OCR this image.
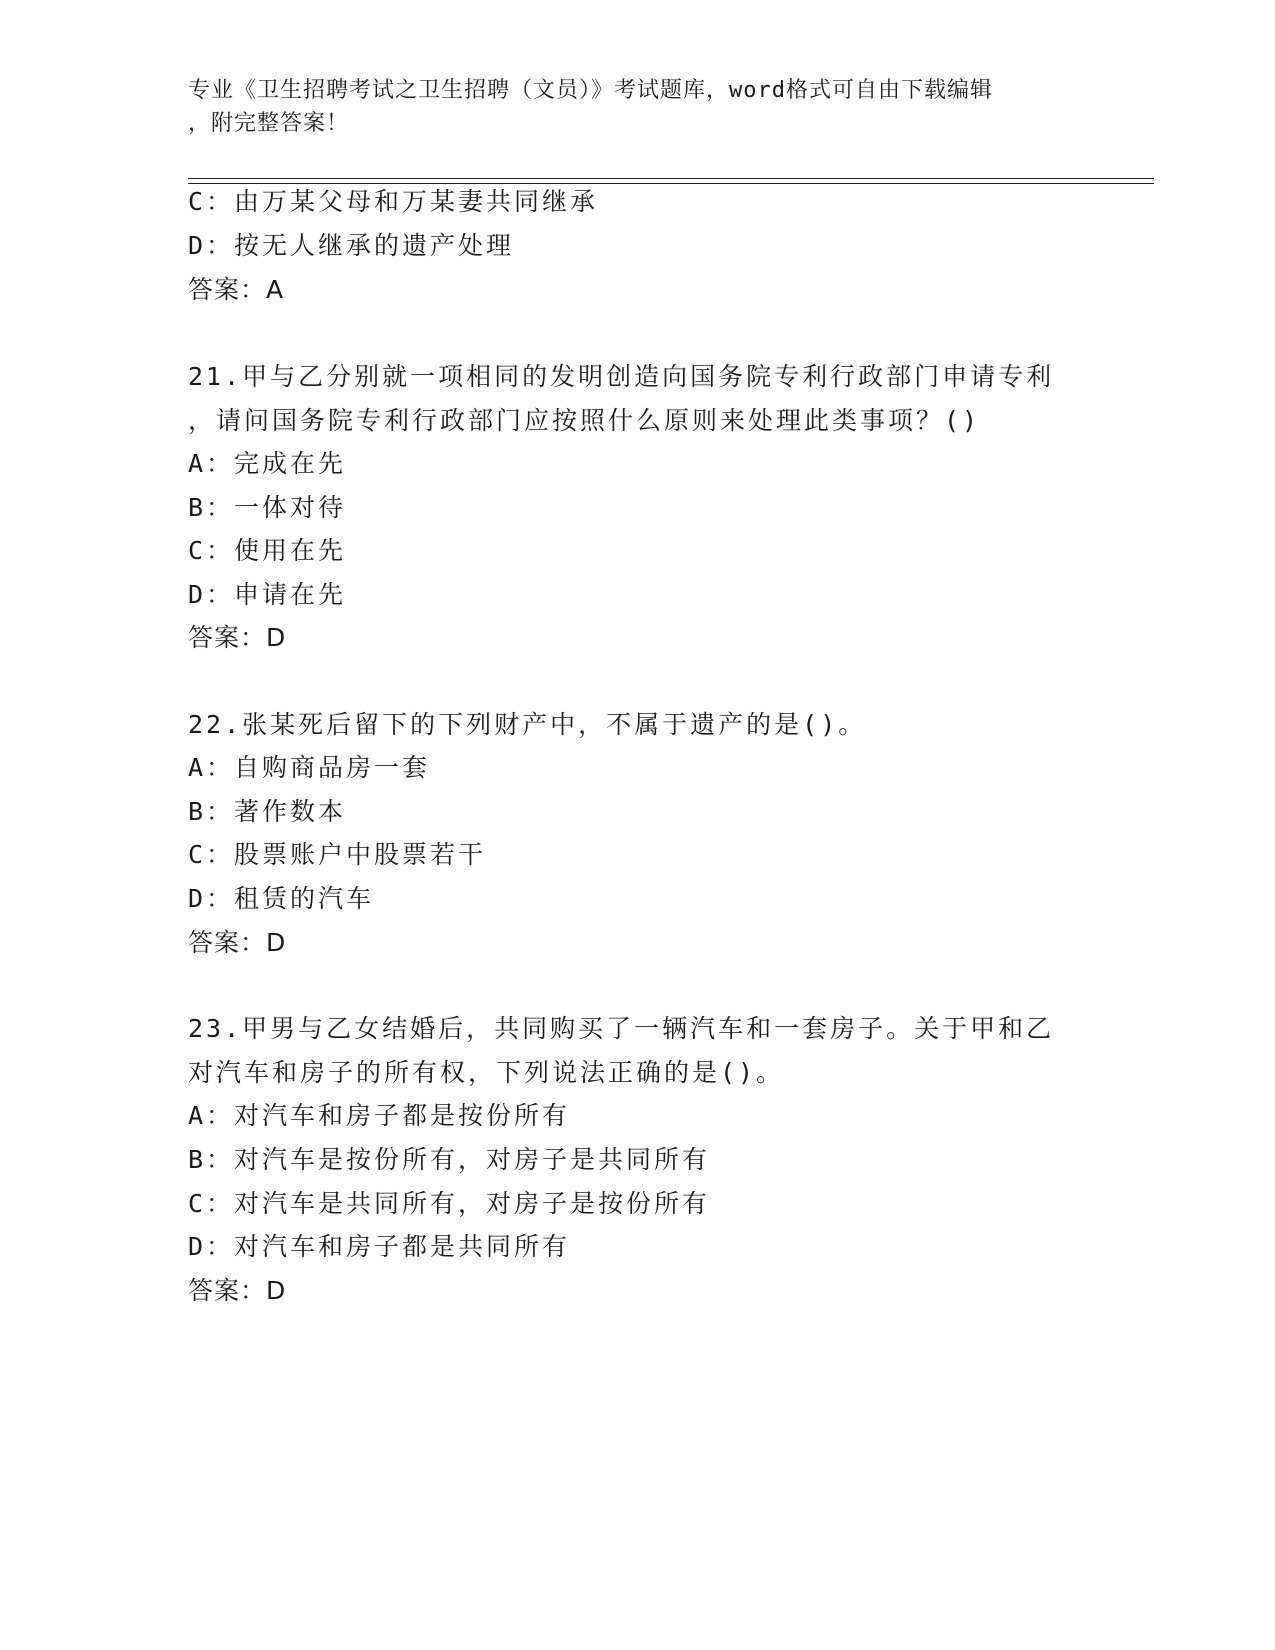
专业《卫生招聘考试之卫生招聘（文员）》考试题库，word格式可自由下载编辑
，附完整答案！
C：由万某父母和万某妻共同继承
D：按无人继承的遗产处理
答案：A
21.甲与乙分别就一项相同的发明创造向国务院专利行政部门申请专利
，请问国务院专利行政部门应按照什么原则来处理此类事项？()
A：完成在先
B：一体对待
C：使用在先
D：申请在先
答案：D
22.张某死后留下的下列财产中，不属于遗产的是()。
A：自购商品房一套
B：著作数本
C：股票账户中股票若干
D：租赁的汽车
答案：D
23.甲男与乙女结婚后，共同购买了一辆汽车和一套房子。关于甲和乙
对汽车和房子的所有权，下列说法正确的是()。
A：对汽车和房子都是按份所有
B：对汽车是按份所有，对房子是共同所有
C：对汽车是共同所有，对房子是按份所有
D：对汽车和房子都是共同所有
答案：D
